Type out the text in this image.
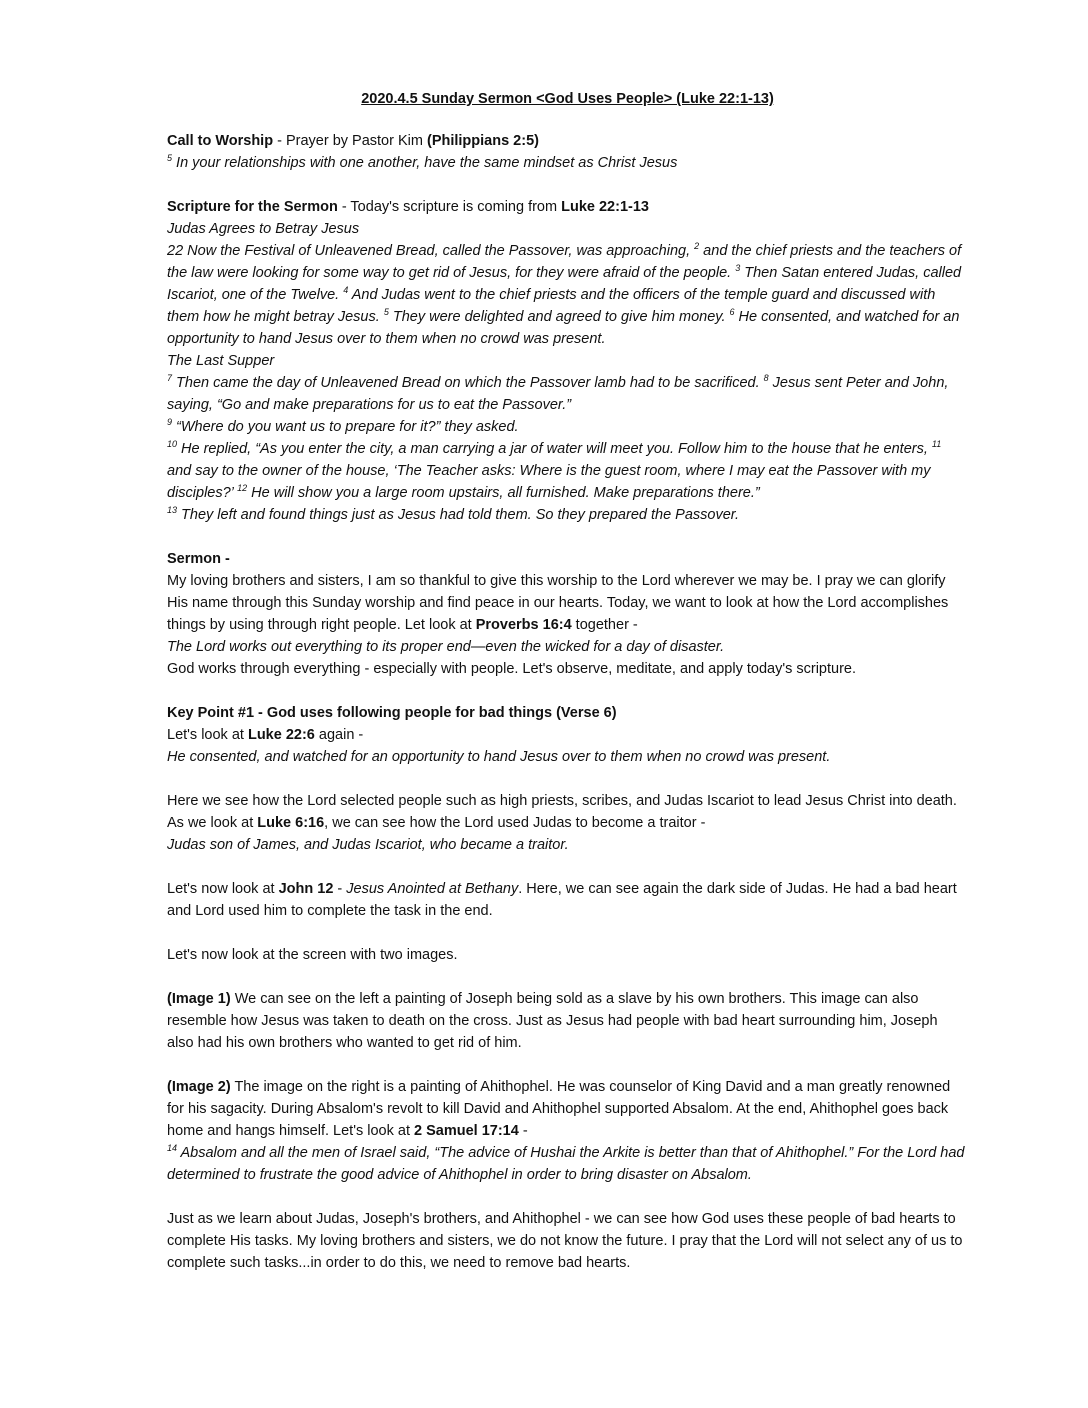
2020.4.5 Sunday Sermon <God Uses People> (Luke 22:1-13)

Call to Worship - Prayer by Pastor Kim (Philippians 2:5)

$^5$ In your relationships with one another, have the same mindset as Christ Jesus

Scripture for the Sermon - Today's scripture is coming from Luke 22:1-13

Judas Agrees to Betray Jesus

22 Now the Festival of Unleavened Bread, called the Passover, was approaching, $^2$ and the chief priests and the teachers of the law were looking for some way to get rid of Jesus, for they were afraid of the people. $^3$ Then Satan entered Judas, called Iscariot, one of the Twelve. $^4$ And Judas went to the chief priests and the officers of the temple guard and discussed with them how he might betray Jesus. $^5$ They were delighted and agreed to give him money. $^6$ He consented, and watched for an opportunity to hand Jesus over to them when no crowd was present.

The Last Supper

$^7$ Then came the day of Unleavened Bread on which the Passover lamb had to be sacrificed. $^8$ Jesus sent Peter and John, saying, “Go and make preparations for us to eat the Passover.”

$^9$ “Where do you want us to prepare for it?” they asked.

$^{10}$ He replied, “As you enter the city, a man carrying a jar of water will meet you. Follow him to the house that he enters, $^{11}$ and say to the owner of the house, ‘The Teacher asks: Where is the guest room, where I may eat the Passover with my disciples?’ $^{12}$ He will show you a large room upstairs, all furnished. Make preparations there.”

$^{13}$ They left and found things just as Jesus had told them. So they prepared the Passover.

Sermon -

My loving brothers and sisters, I am so thankful to give this worship to the Lord wherever we may be. I pray we can glorify His name through this Sunday worship and find peace in our hearts. Today, we want to look at how the Lord accomplishes things by using through right people. Let look at Proverbs 16:4 together -

The Lord works out everything to its proper end—even the wicked for a day of disaster.

God works through everything - especially with people. Let's observe, meditate, and apply today's scripture.

Key Point #1 - God uses following people for bad things (Verse 6)

Let's look at Luke 22:6 again -

He consented, and watched for an opportunity to hand Jesus over to them when no crowd was present.

Here we see how the Lord selected people such as high priests, scribes, and Judas Iscariot to lead Jesus Christ into death. As we look at Luke 6:16, we can see how the Lord used Judas to become a traitor -

Judas son of James, and Judas Iscariot, who became a traitor.

Let's now look at John 12 - Jesus Anointed at Bethany. Here, we can see again the dark side of Judas. He had a bad heart and Lord used him to complete the task in the end.

Let's now look at the screen with two images.

(Image 1) We can see on the left a painting of Joseph being sold as a slave by his own brothers. This image can also resemble how Jesus was taken to death on the cross. Just as Jesus had people with bad heart surrounding him, Joseph also had his own brothers who wanted to get rid of him.

(Image 2) The image on the right is a painting of Ahithophel. He was counselor of King David and a man greatly renowned for his sagacity. During Absalom's revolt to kill David and Ahithophel supported Absalom. At the end, Ahithophel goes back home and hangs himself. Let's look at 2 Samuel 17:14 -

$^{14}$ Absalom and all the men of Israel said, “The advice of Hushai the Arkite is better than that of Ahithophel.” For the Lord had determined to frustrate the good advice of Ahithophel in order to bring disaster on Absalom.

Just as we learn about Judas, Joseph's brothers, and Ahithophel - we can see how God uses these people of bad hearts to complete His tasks. My loving brothers and sisters, we do not know the future. I pray that the Lord will not select any of us to complete such tasks...in order to do this, we need to remove bad hearts.
